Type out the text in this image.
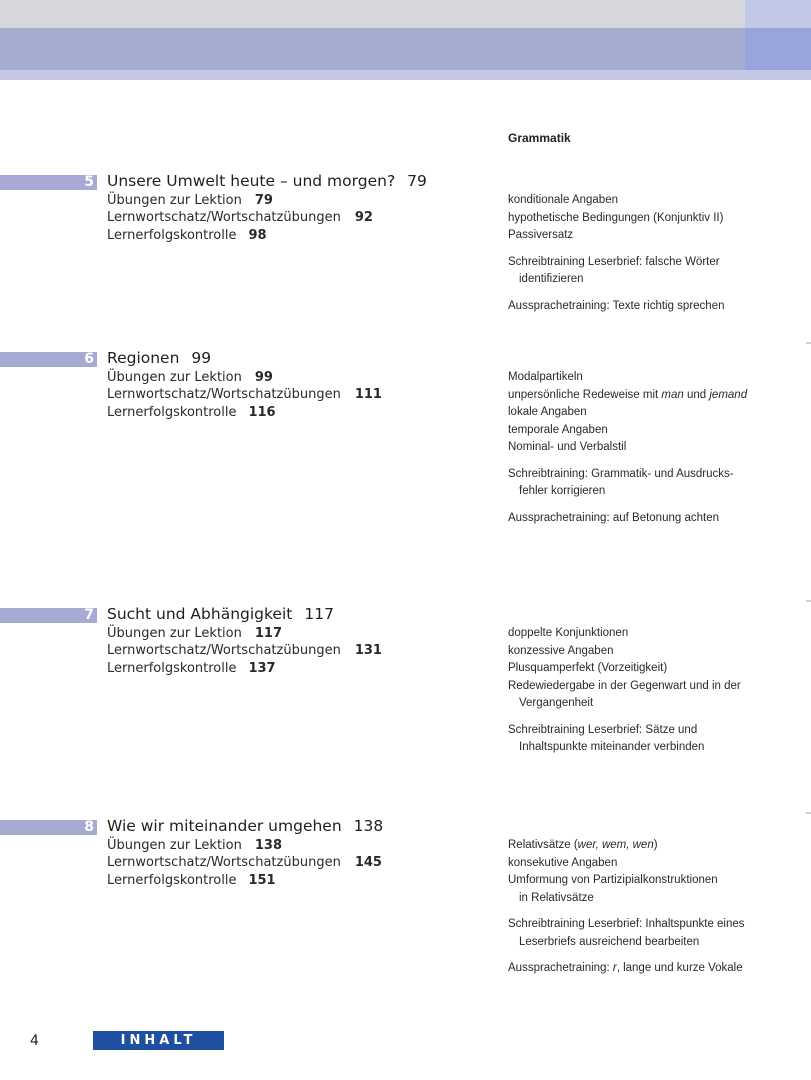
Grammatik
5 Unsere Umwelt heute – und morgen? 79
Übungen zur Lektion 79
Lernwortschatz/Wortschatzübungen 92
Lernerfolgskontrolle 98
konditionale Angaben
hypothetische Bedingungen (Konjunktiv II)
Passiversatz
Schreibtraining Leserbrief: falsche Wörter
identifizieren
Aussprachetraining: Texte richtig sprechen
6 Regionen 99
Übungen zur Lektion 99
Lernwortschatz/Wortschatzübungen 111
Lernerfolgskontrolle 116
Modalpartikeln
unpersönliche Redeweise mit man und jemand
lokale Angaben
temporale Angaben
Nominal- und Verbalstil
Schreibtraining: Grammatik- und Ausdrucks-
fehler korrigieren
Aussprachetraining: auf Betonung achten
7 Sucht und Abhängigkeit 117
Übungen zur Lektion 117
Lernwortschatz/Wortschatzübungen 131
Lernerfolgskontrolle 137
doppelte Konjunktionen
konzessive Angaben
Plusquamperfekt (Vorzeitigkeit)
Redewiedergabe in der Gegenwart und in der
Vergangenheit
Schreibtraining Leserbrief: Sätze und
Inhaltspunkte miteinander verbinden
8 Wie wir miteinander umgehen 138
Übungen zur Lektion 138
Lernwortschatz/Wortschatzübungen 145
Lernerfolgskontrolle 151
Relativsätze (wer, wem, wen)
konsekutive Angaben
Umformung von Partizipialkonstruktionen
in Relativsätze
Schreibtraining Leserbrief: Inhaltspunkte eines
Leserbriefs ausreichend bearbeiten
Aussprachetraining: r, lange und kurze Vokale
4	INHALT
